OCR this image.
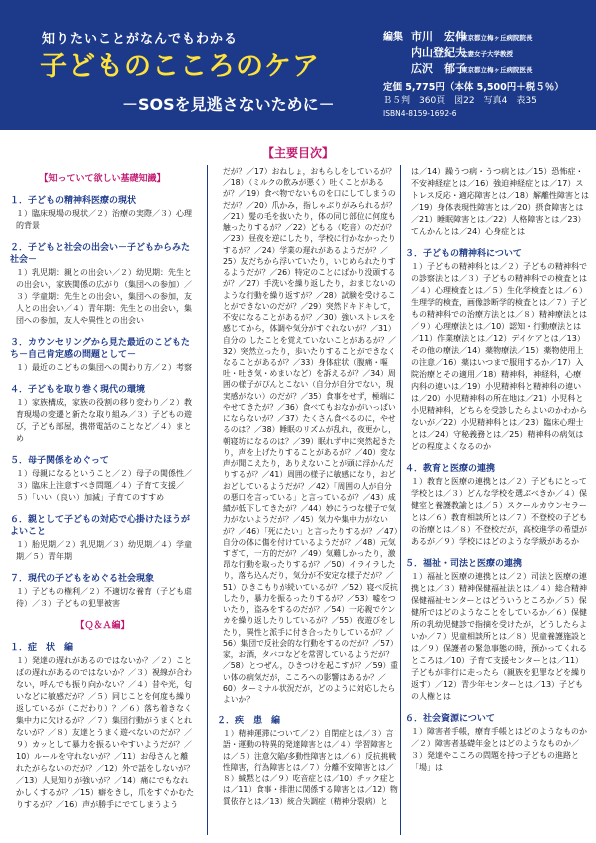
知りたいことがなんでもわかる
子どものこころのケア
－SOSを見逃さないために－
編集 市川　宏伸
東京都立梅ヶ丘病院院長
内山登紀夫
大妻女子大学教授
広沢　郁子
東京都立梅ヶ丘病院医長
定価 5,775円（本体 5,500円＋税５％）
Ｂ５判　360頁　図22　写真4　表35
ISBN4-8159-1692-6
【主要目次】
【知っていて欲しい基礎知識】
１．子どもの精神科医療の現状
１）臨床現場の現状／２）治療の実際／３）心理的背景
２．子どもと社会の出会い－子どもからみた社会－
１）乳児期：親との出会い／２）幼児期：先生との出会い，家族関係の広がり（集団への参加）／３）学童期：先生との出会い，集団への参加，友人との出会い／４）青年期：先生との出会い，集団への参加，友人や異性との出会い
３．カウンセリングから見た最近のこどもたち－自己肯定感の問題として－
１）最近のこどもの集団への関わり方／２）考察
４．子どもを取り巻く現代の環境
１）家族構成，家族の役割の移り変わり／２）教育現場の変遷と新たな取り組み／３）子どもの遊び，子ども部屋，携帯電話のことなど／４）まとめ
５．母子関係をめぐって
１）母親になるということ／２）母子の関係性／３）臨床上注意すべき問題／４）子育て支援／５）「いい（良い）加減」子育てのすすめ
６．親として子どもの対応で心掛けたほうがよいこと
１）胎児期／２）乳児期／３）幼児期／４）学童期／５）青年期
７．現代の子どもをめぐる社会現象
１）子どもの権利／２）不適切な養育（子ども虐待）／３）子どもの犯罪被害
【Ｑ＆Ａ編】
１．症　状　編
１）発達の遅れがあるのではないか？／２）ことばの遅れがあるのではないか？／３）視線が合わない，呼んでも振り向かない？／４）昔や光，匂いなどに敏感だが？／５）同じことを何度も繰り返しているが（こだわり）？／６）落ち着きなく集中力に欠けるが？／７）集団行動がうまくとれないが？／８）友達とうまく遊べないのだが？／９）カッとして暴力を振るいやすいようだが？／10）ルールを守れないが？／11）お母さんと離れたがらないのだが？／12）外で話をしないが？／13）人見知りが強いが？／14）痛にでもなれかしくするが？／15）癖をきし，爪をすぐかむたりするが？／16）声が勝手にでてしまうよう
だが？／17）おねしょ，おもらしをしているが？／18）（ミルクの飲みが悪く）吐くことがあるが？／19）食べ物でないものを口にしてしまうのだが？／20）爪かみ，指しゃぶりがみられるが？／21）髪の毛を抜いたり，体の同じ部位に何度も触ったりするが？／22）どもる（吃音）のだが？／23）昼夜を逆にしたり，学校に行かなかったりするが？／24）学業の遅れがあるようだが？／25）友だちから浮いていたり，いじめられたりするようだが？／26）特定のことにばかり没頭するが？／27）手洗いを繰り返したり，おまじないのような行動を繰り返すが？／28）試験を受けることができないのだが？／29）突然ドキドキして，不安になることがあるが？／30）強いストレスを感じてから，体調や気分がすぐれないが？／31）自分の したことを覚えていないことがあるが？／32）突然立ったり，歩いたりすることができなくなることがあるが？／33）身体症状（腹痛・嘔吐・吐き気・めまいなど）を訴えるが？／34）周囲の様子がぴんとこない（自分が自分でない，現実感がない）のだが？／35）食事をせず，極端にやせてきたが？／36）食べてもおなかがいっぱいにならないが？／37）たくさん食べるのに，やせるのは？／38）睡眠のリズムが乱れ，夜更かし，朝寝坊になるのは？／39）眠れず中に突然起きたり，声を上げたりすることがあるが？／40）変な声が聞こえたり，ありえないことが頭に浮かんだりするが？／41）周囲の様子に敏感になり，おどおどしているようだが？／42）「周囲の人が自分の悪口を言っている」と言っているが？／43）成績が低下してきたが？／44）妙にうつな様子で気力がないようだが？／45）気力や集中力がないが？／46）「死にたい」と言ったりするが？／47）自分の体に傷を付けているようだが？／48）元気すぎて，一方的だが？／49）気難しかったり，激昂な行動を取ったりするが？／50）イライラしたり，落ち込んだり，気分が不安定な様子だが？／51）ひきこもりが続いているが？／52）寝べ反抗したり，暴力を振るったりするが？／53）嘘をついたり，盗みをするのだが？／54）一応親でケンカを繰り返したりしているが？／55）夜遊びをしたり，異性と派手に付き合ったりしているが？／56）集団で反社会的な行動をするのだが？／57）家，お酒，タバコなどを常習しているようだが？／58）とつぜん，ひきつけを起こすが？／59）重い体の病気だが，こころへの影響はあるか？／60）ターミナル状況だが，どのように対応したらよいか？
２．疾　患　編
１）精神運滞について／２）自閉症とは／３）言語・運動の特異的発達障害とは／４）学習障害とは／５）注意欠陥/多動性障害とは／６）反抗挑戦性障害，行為障害とは／７）分離不安障害とは／８）緘黙とは／９）吃音症とは／10）チック症とは／11）食事・排泄に関係する障害とは／12）物質依存とは／13）統合失調症（精神分裂病）と
は／14）躁うつ病・うつ病とは／15）恐怖症・不安神経症とは／16）強迫神経症とは／17）ストレス反応・適応障害とは／18）解離性障害とは／19）身体表現性障害とは／20）摂食障害とは／21）睡眠障害とは／22）人格障害とは／23）てんかんとは／24）心身症とは
３．子どもの精神科について
１）子どもの精神科とは／２）子どもの精神科での診察法とは／３）子どもの精神科での検査とは／４）心理検査とは／５）生化学検査とは／６）生理学的検査，画像診断学的検査とは／７）子どもの精神科での治療方法とは／８）精神療法とは／９）心理療法とは／10）認知・行動療法とは／11）作業療法とは／12）デイケアとは／13）その他の療法／14）薬物療法／15）薬物使用上の注意／16）薬はいつまで服用するか／17）入院治療とその適用／18）精神科，神経科，心療内科の違いは／19）小児精神科と精神科の違いは／20）小児精神科の所在地は／21）小児科と小児精神科，どちらを受診したらよいのかわからないが／22）小児精神科とは／23）臨床心理士とは／24）守秘義務とは／25）精神科の病気はどの程度よくなるのか
４．教育と医療の連携
１）教育と医療の連携とは／２）子どもにとって学校とは／３）どんな学校を選ぶべきか／４）保健室と養護教諭とは／５）スクールカウンセラーとは／６）教育相談所とは／７）不登校の子どもの治療とは／８）不登校だが，高校進学の希望があるが／９）学校にはどのような学級があるか
５．福祉・司法と医療の連携
１）福祉と医療の連携とは／２）司法と医療の連携とは／３）精神保健福祉法とは／４）総合精神保健福祉センターとはどういうところか／５）保健所ではどのようなことをしているか／６）保健所の乳幼児健診で指摘を受けたが，どうしたらよいか／７）児童相談所とは／８）児童養護施設とは／９）保護者の緊急事態の時，預かってくれるところは／10）子育て支援センターとは／11）子どもが非行に走ったら（親族を犯罪などを繰り返す）／12）青少年センターとは／13）子どもの人権とは
６．社会資源について
１）障害者手帳，療育手帳とはどのようなものか／２）障害者基礎年金とはどのようなものか／３）発達やこころの問題を持つ子どもの進路と「場」は
